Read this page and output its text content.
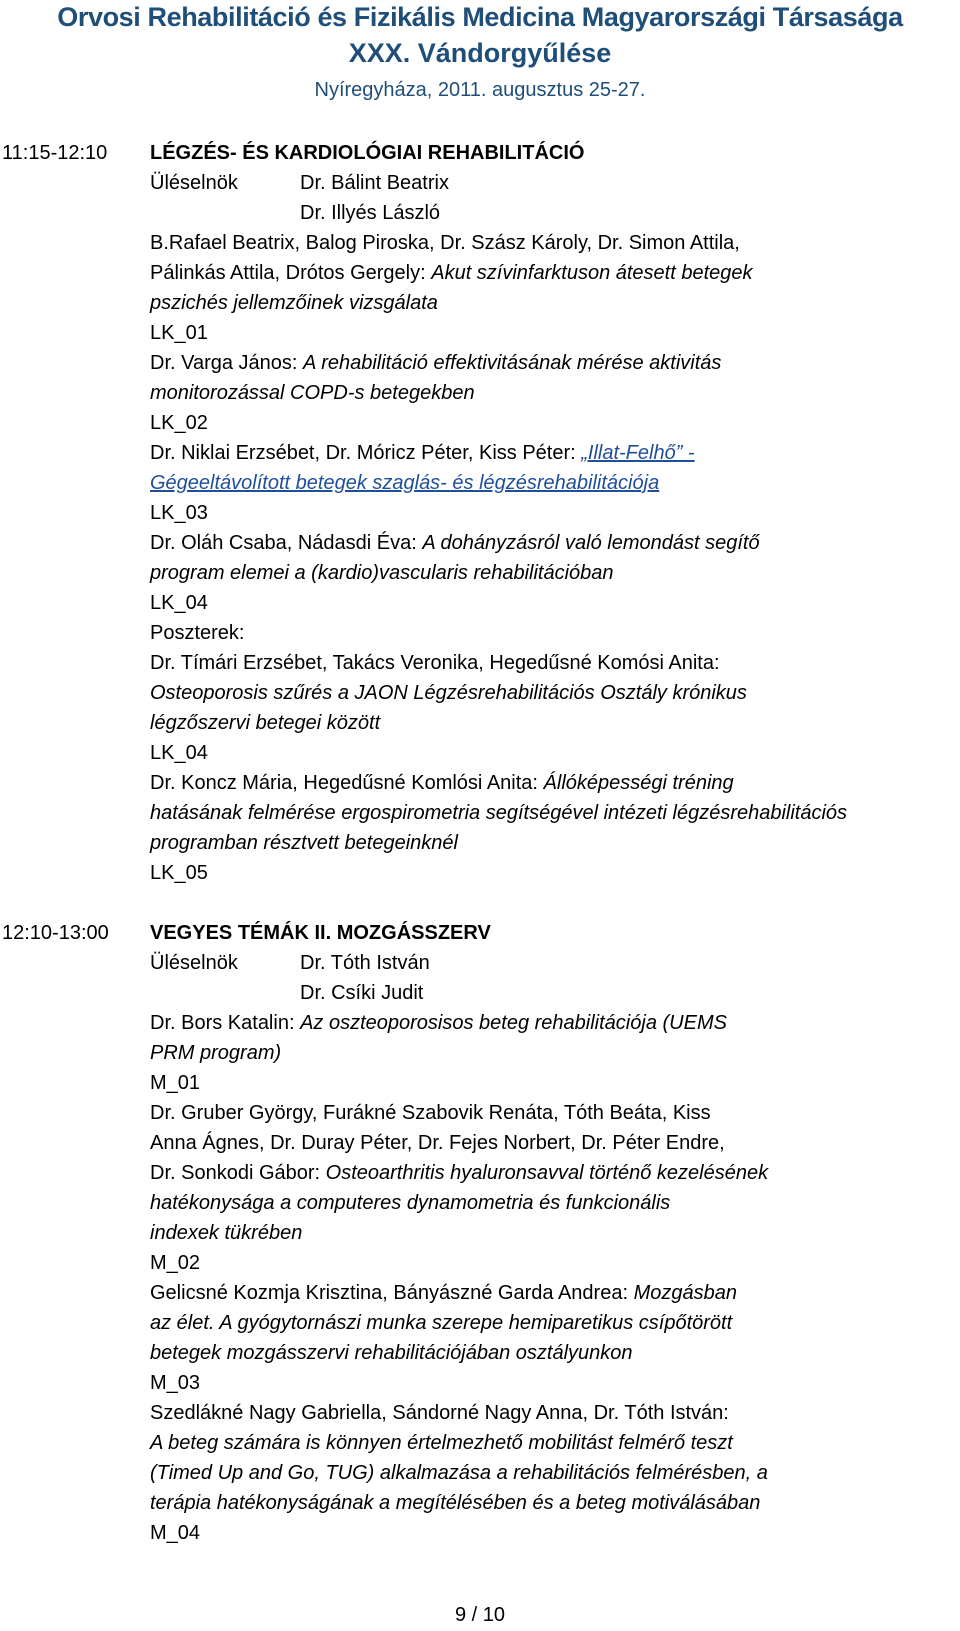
Orvosi Rehabilitáció és Fizikális Medicina Magyarországi Társasága
XXX. Vándorgyűlése
Nyíregyháza, 2011. augusztus 25-27.
11:15-12:10 LÉGZÉS- ÉS KARDIOLÓGIAI REHABILITÁCIÓ
Üléselnök	Dr. Bálint Beatrix
Dr. Illyés László
B.Rafael Beatrix, Balog Piroska, Dr. Szász Károly, Dr. Simon Attila,
Pálinkás Attila, Drótos Gergely: Akut szívinfarktuson átesett betegek
pszichés jellemzőinek vizsgálata
LK_01
Dr. Varga János: A rehabilitáció effektivitásának mérése aktivitás
monitorozással COPD-s betegekben
LK_02
Dr. Niklai Erzsébet, Dr. Móricz Péter, Kiss Péter: „Illat-Felhő” -
Gégeeltávolított betegek szaglás- és légzésrehabilitációja
LK_03
Dr. Oláh Csaba, Nádasdi Éva: A dohányzásról való lemondást segítő
program elemei a (kardio)vascularis rehabilitációban
LK_04
Poszterek:
Dr. Tímári Erzsébet, Takács Veronika, Hegedűsné Komósi Anita:
Osteoporosis szűrés a JAON Légzésrehabilitációs Osztály krónikus
légzőszervi betegei között
LK_04
Dr. Koncz Mária, Hegedűsné Komlósi Anita: Állóképességi tréning
hatásának felmérése ergospirometria segítségével intézeti légzésrehabilitációs
programban résztvett betegeinknél
LK_05
12:10-13:00 VEGYES TÉMÁK II. MOZGÁSSZERV
Üléselnök	Dr. Tóth István
Dr. Csíki Judit
Dr. Bors Katalin: Az oszteoporosisos beteg rehabilitációja (UEMS
PRM program)
M_01
Dr. Gruber György, Furákné Szabovik Renáta, Tóth Beáta, Kiss
Anna Ágnes, Dr. Duray Péter, Dr. Fejes Norbert, Dr. Péter Endre,
Dr. Sonkodi Gábor: Osteoarthritis hyaluronsavval történő kezelésének
hatékonysága a computeres dynamometria és funkcionális
indexek tükrében
M_02
Gelicsné Kozmja Krisztina, Bányászné Garda Andrea: Mozgásban
az élet. A gyógytornászi munka szerepe hemiparetikus csípőtörött
betegek mozgásszervi rehabilitációjában osztályunkon
M_03
Szedlákné Nagy Gabriella, Sándorné Nagy Anna, Dr. Tóth István:
A beteg számára is könnyen értelmezhető mobilitást felmérő teszt
(Timed Up and Go, TUG) alkalmazása a rehabilitációs felmérésben, a
terápia hatékonyságának a megítélésében és a beteg motiválásában
M_04
9 / 10
